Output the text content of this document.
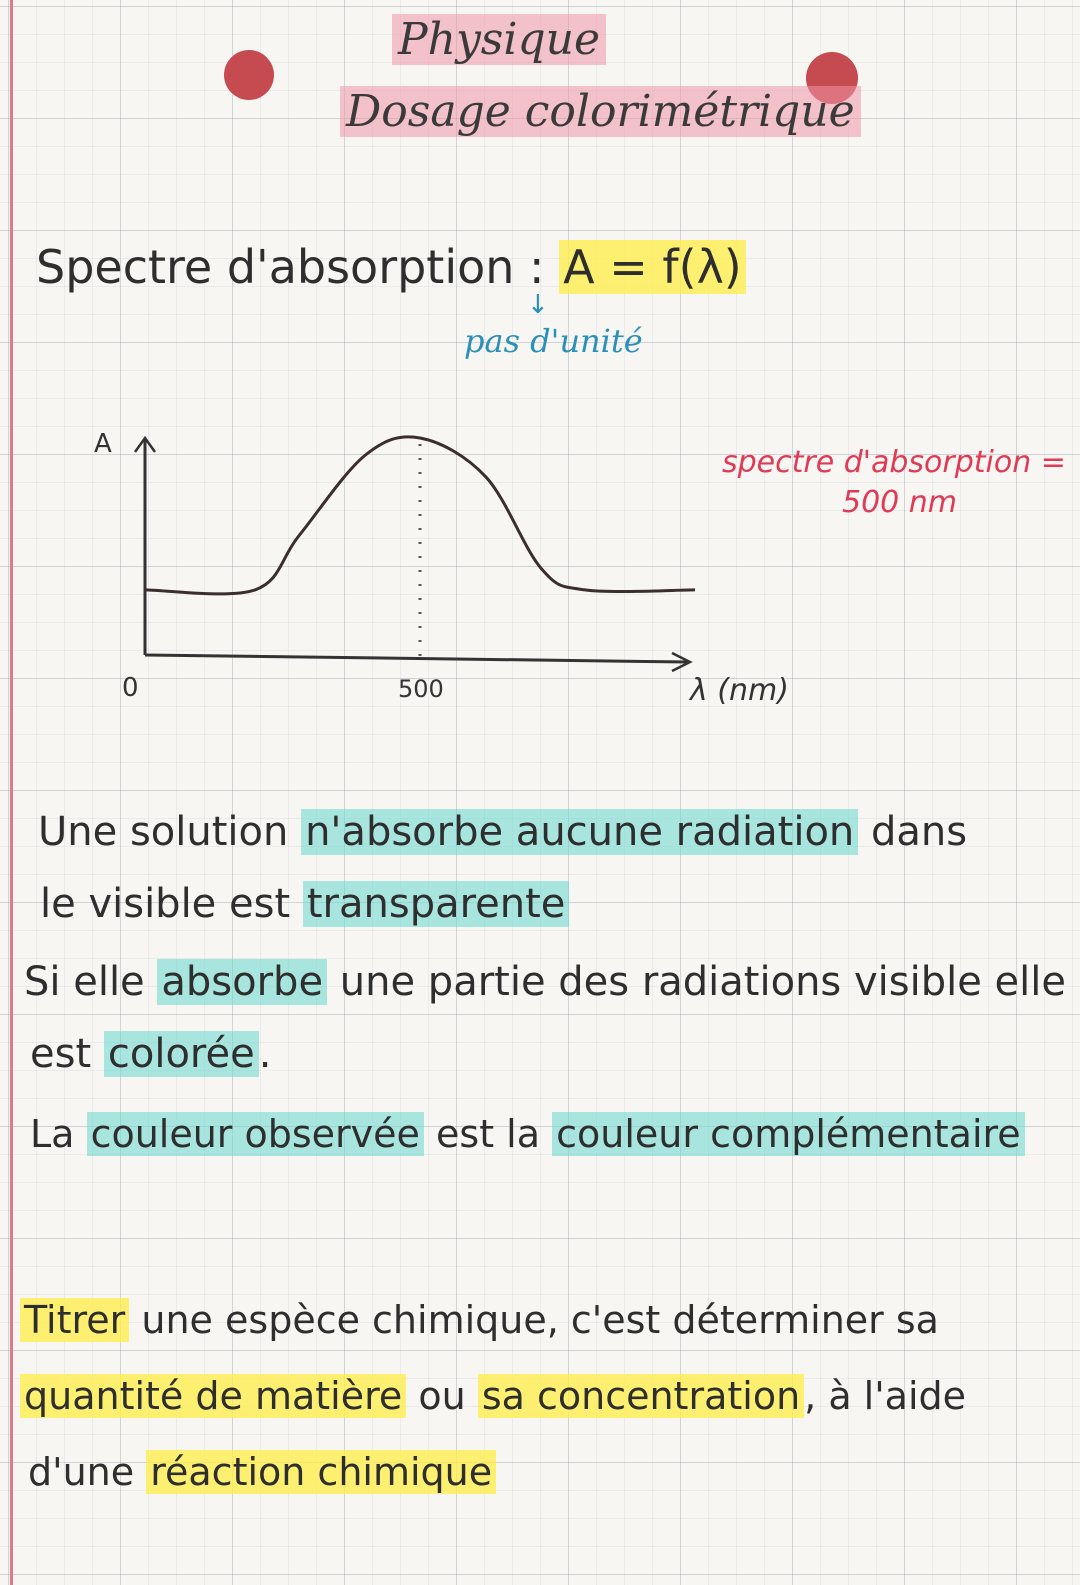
Physique
Dosage colorimétrique
Spectre d'absorption : A = f(λ)
↓
pas d'unité
A
0	λ (nm)
500
spectre d'absorption =
500 nm
Une solution n'absorbe aucune radiation dans
le visible est transparente
Si elle absorbe une partie des radiations visible elle
est colorée .
La couleur observée est la couleur complémentaire
Titrer une espèce chimique, c'est déterminer sa
quantité de matière ou sa concentration , à l'aide
d'une réaction chimique
